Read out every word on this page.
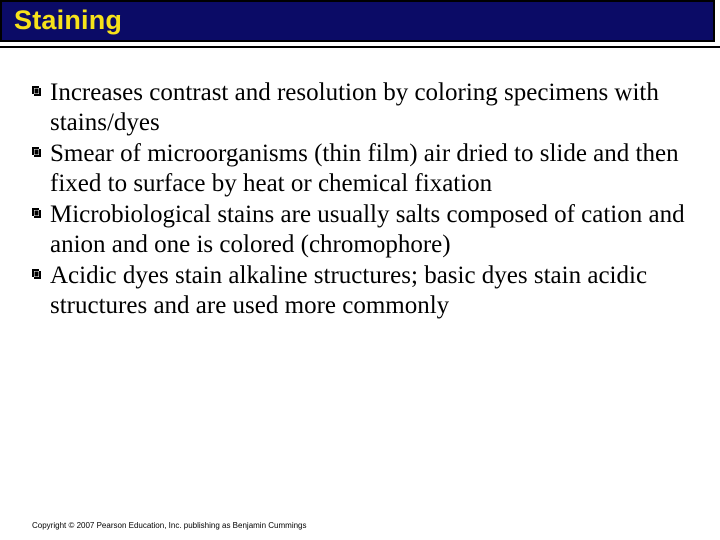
Staining
Increases contrast and resolution by coloring specimens with stains/dyes
Smear of microorganisms (thin film) air dried to slide and then fixed to surface by heat or chemical fixation
Microbiological stains are usually salts composed of cation and anion and one is colored (chromophore)
Acidic dyes stain alkaline structures; basic dyes stain acidic structures and are used more commonly
Copyright © 2007 Pearson Education, Inc. publishing as Benjamin Cummings
